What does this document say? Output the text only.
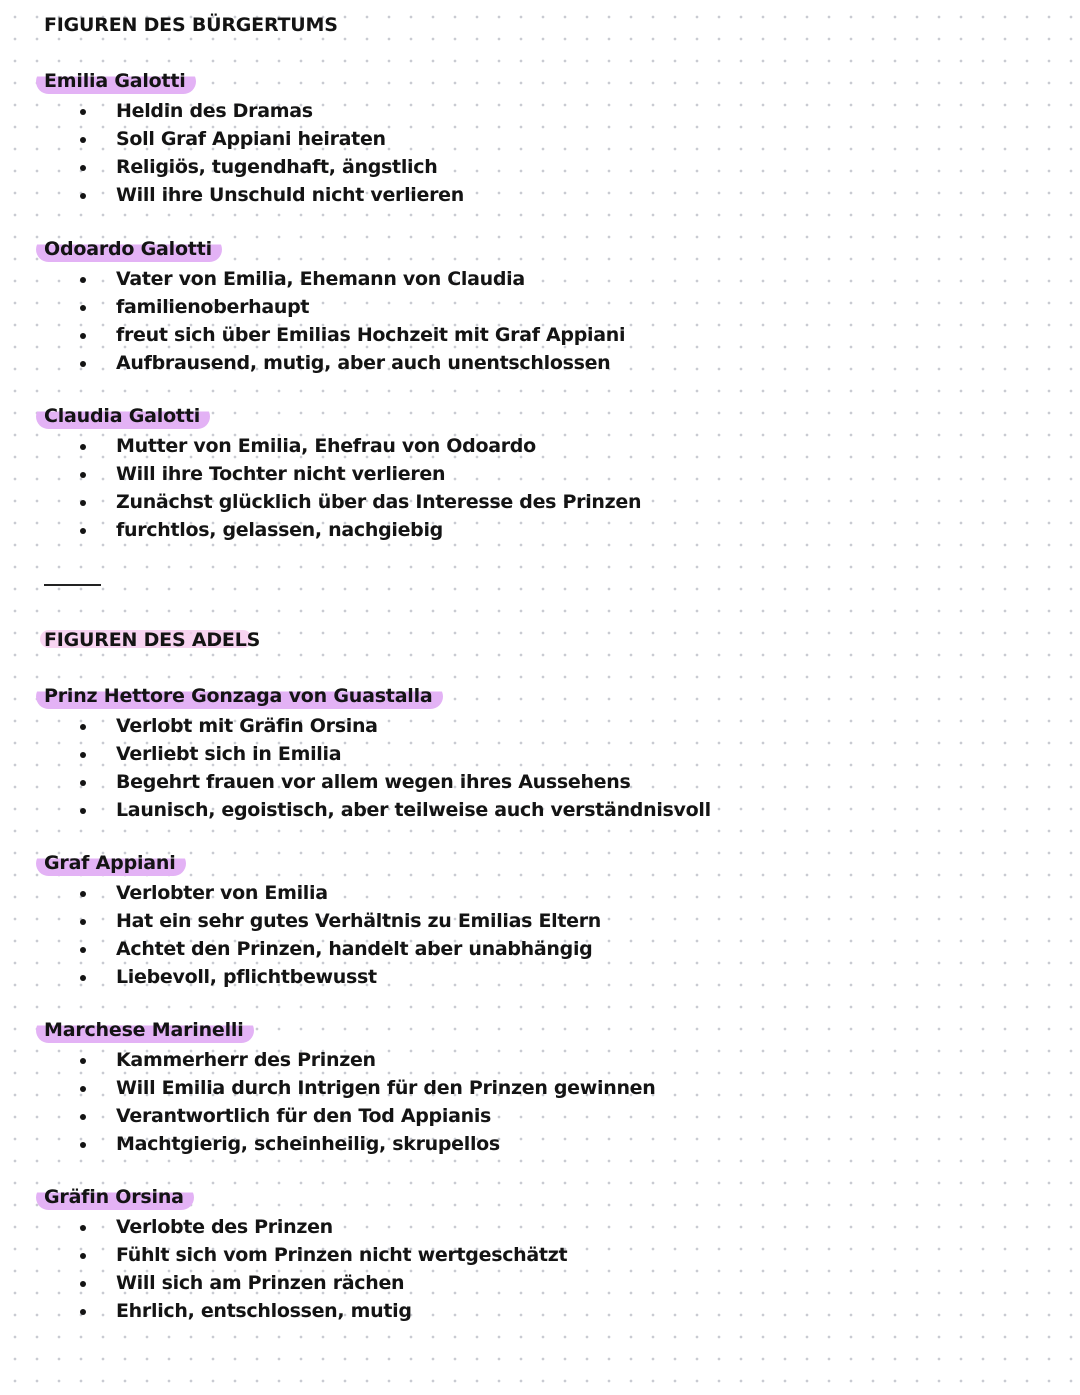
FIGUREN DES BÜRGERTUMS
Emilia Galotti
Heldin des Dramas
Soll Graf Appiani heiraten
Religiös, tugendhaft, ängstlich
Will ihre Unschuld nicht verlieren
Odoardo Galotti
Vater von Emilia, Ehemann von Claudia
familienoberhaupt
freut sich über Emilias Hochzeit mit Graf Appiani
Aufbrausend, mutig, aber auch unentschlossen
Claudia Galotti
Mutter von Emilia, Ehefrau von Odoardo
Will ihre Tochter nicht verlieren
Zunächst glücklich über das Interesse des Prinzen
furchtlos, gelassen, nachgiebig
FIGUREN DES ADELS
Prinz Hettore Gonzaga von Guastalla
Verlobt mit Gräfin Orsina
Verliebt sich in Emilia
Begehrt frauen vor allem wegen ihres Aussehens
Launisch, egoistisch, aber teilweise auch verständnisvoll
Graf Appiani
Verlobter von Emilia
Hat ein sehr gutes Verhältnis zu Emilias Eltern
Achtet den Prinzen, handelt aber unabhängig
Liebevoll, pflichtbewusst
Marchese Marinelli
Kammerherr des Prinzen
Will Emilia durch Intrigen für den Prinzen gewinnen
Verantwortlich für den Tod Appianis
Machtgierig, scheinheilig, skrupellos
Gräfin Orsina
Verlobte des Prinzen
Fühlt sich vom Prinzen nicht wertgeschätzt
Will sich am Prinzen rächen
Ehrlich, entschlossen, mutig
